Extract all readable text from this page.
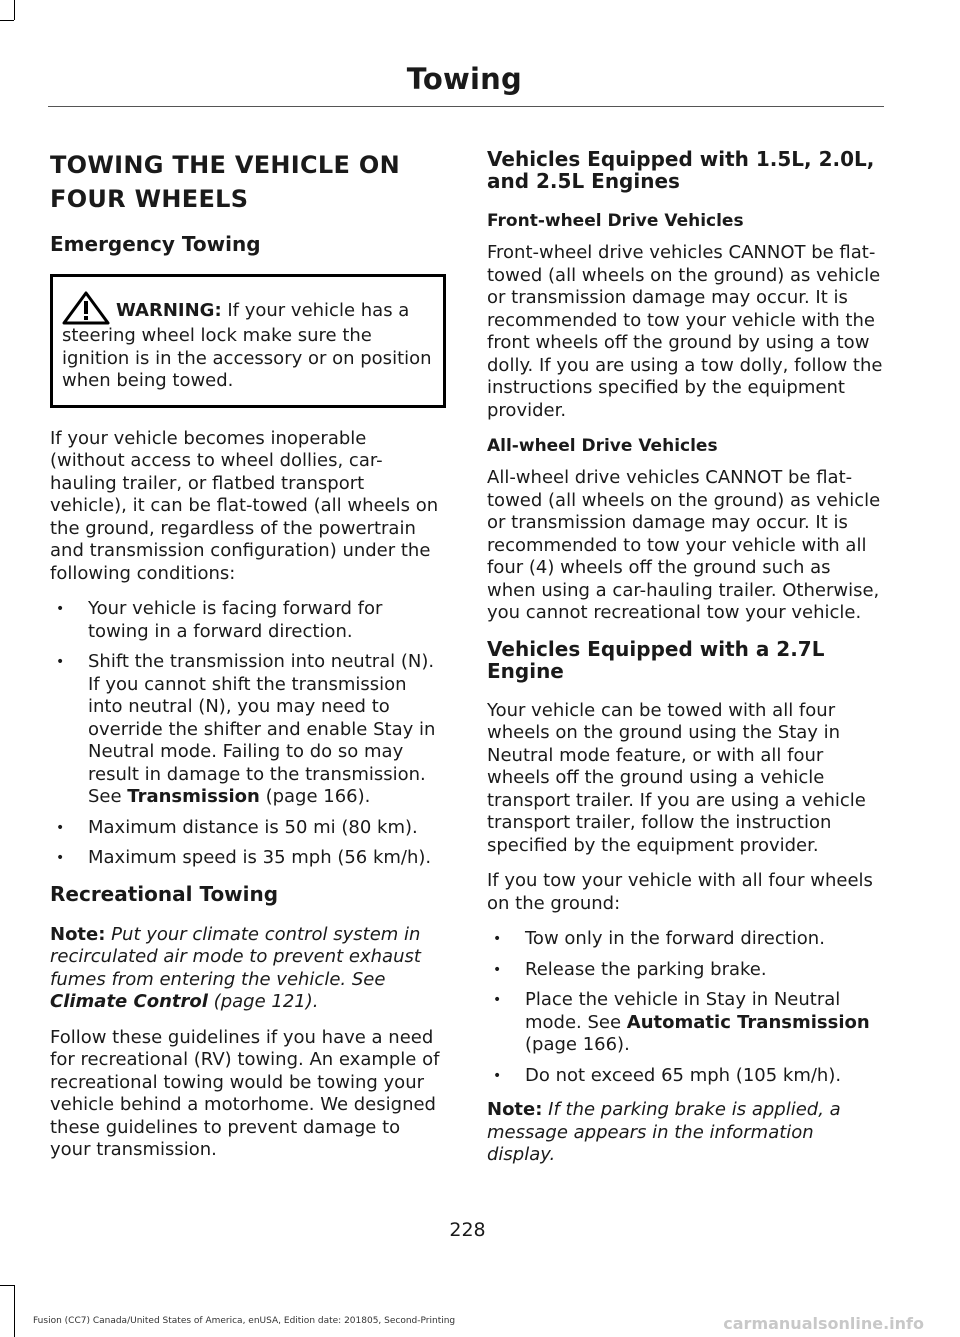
Towing
TOWING THE VEHICLE ON FOUR WHEELS
Emergency Towing
WARNING: If your vehicle has a steering wheel lock make sure the ignition is in the accessory or on position when being towed.

If your vehicle becomes inoperable (without access to wheel dollies, car-hauling trailer, or flatbed transport vehicle), it can be flat-towed (all wheels on the ground, regardless of the powertrain and transmission configuration) under the following conditions:

• Your vehicle is facing forward for towing in a forward direction.
• Shift the transmission into neutral (N). If you cannot shift the transmission into neutral (N), you may need to override the shifter and enable Stay in Neutral mode. Failing to do so may result in damage to the transmission. See Transmission (page 166).
• Maximum distance is 50 mi (80 km).
• Maximum speed is 35 mph (56 km/h).
Recreational Towing

Note: Put your climate control system in recirculated air mode to prevent exhaust fumes from entering the vehicle. See Climate Control (page 121).

Follow these guidelines if you have a need for recreational (RV) towing. An example of recreational towing would be towing your vehicle behind a motorhome. We designed these guidelines to prevent damage to your transmission.

Vehicles Equipped with 1.5L, 2.0L, and 2.5L Engines
Front-wheel Drive Vehicles

Front-wheel drive vehicles CANNOT be flat-towed (all wheels on the ground) as vehicle or transmission damage may occur. It is recommended to tow your vehicle with the front wheels off the ground by using a tow dolly. If you are using a tow dolly, follow the instructions specified by the equipment provider.

All-wheel Drive Vehicles

All-wheel drive vehicles CANNOT be flat-towed (all wheels on the ground) as vehicle or transmission damage may occur. It is recommended to tow your vehicle with all four (4) wheels off the ground such as when using a car-hauling trailer. Otherwise, you cannot recreational tow your vehicle.

Vehicles Equipped with a 2.7L Engine

Your vehicle can be towed with all four wheels on the ground using the Stay in Neutral mode feature, or with all four wheels off the ground using a vehicle transport trailer. If you are using a vehicle transport trailer, follow the instruction specified by the equipment provider.

If you tow your vehicle with all four wheels on the ground:

• Tow only in the forward direction.
• Release the parking brake.
• Place the vehicle in Stay in Neutral mode. See Automatic Transmission (page 166).
• Do not exceed 65 mph (105 km/h).

Note: If the parking brake is applied, a message appears in the information display.

228
Fusion (CC7) Canada/United States of America, enUSA, Edition date: 201805, Second-Printing	carmanualsonline.info
